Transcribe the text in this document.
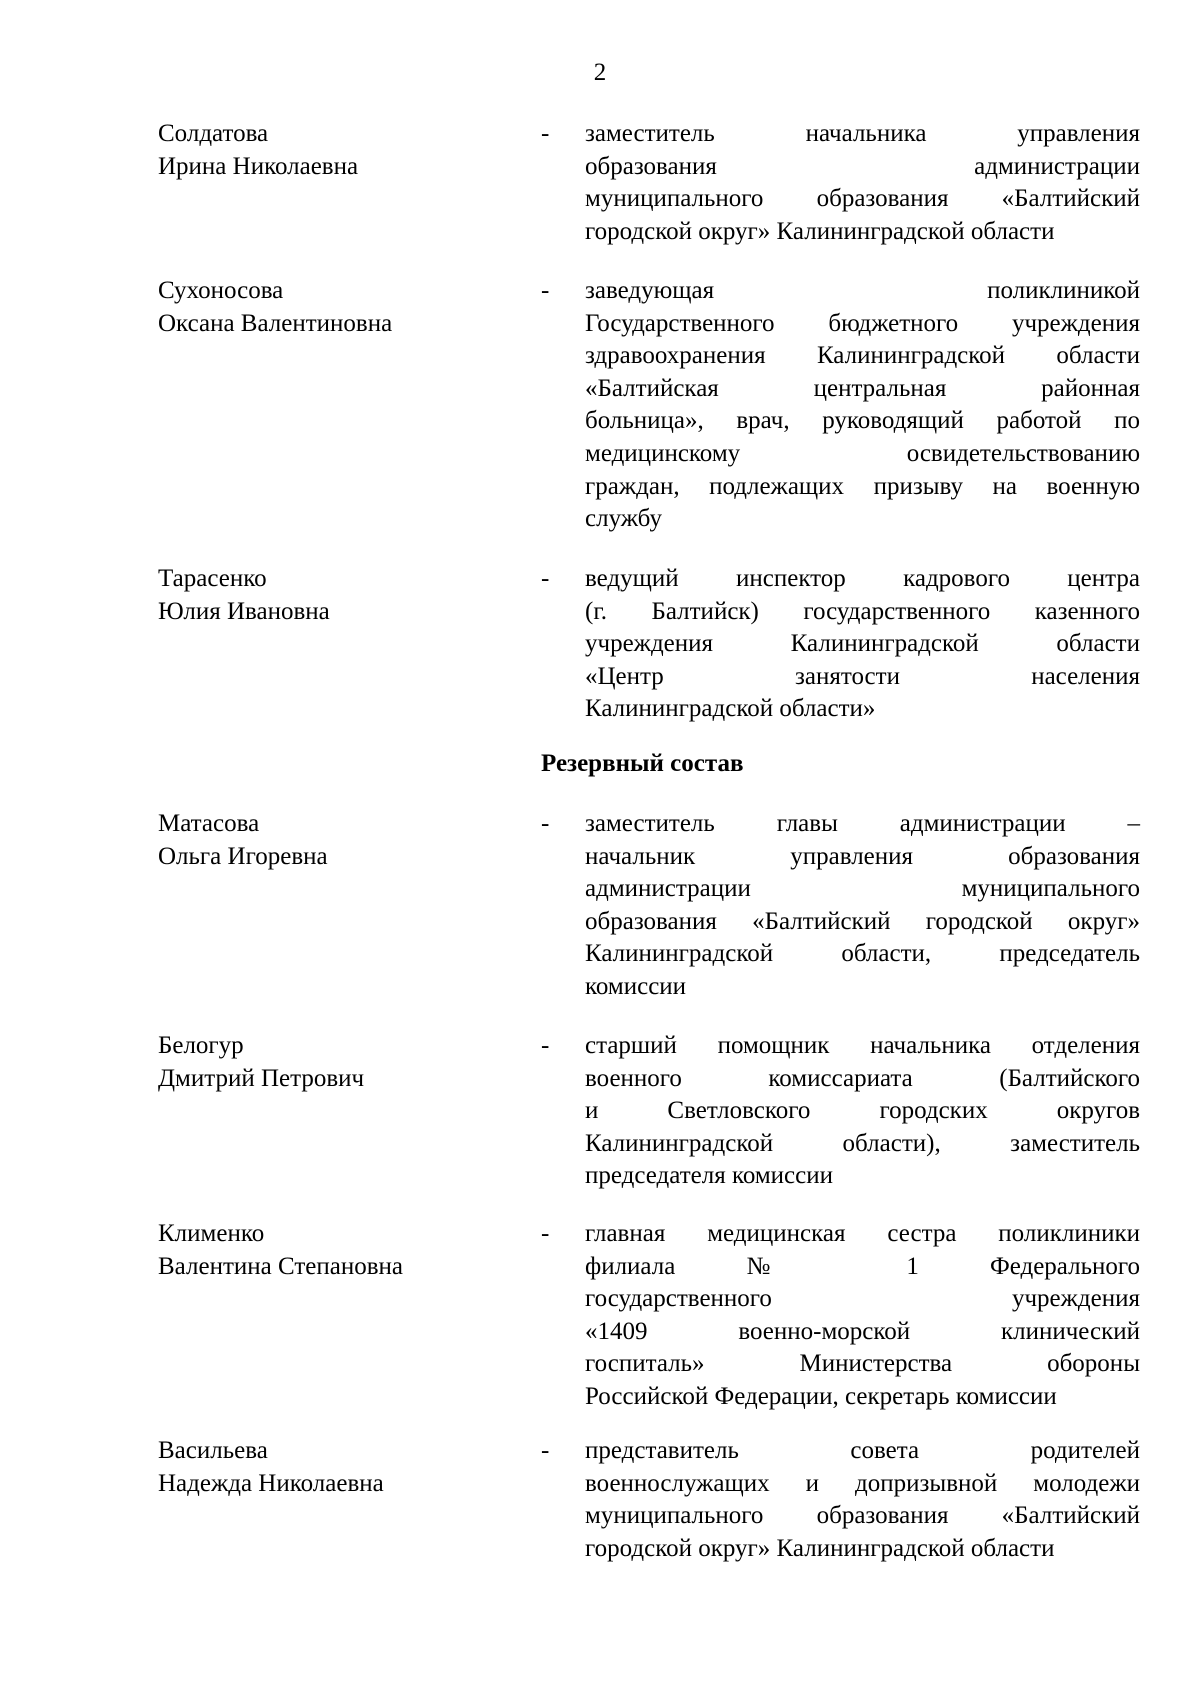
2
Солдатова
Ирина Николаевна
- заместитель начальника управления
образования администрации
муниципального образования «Балтийский
городской округ» Калининградской области
Сухоносова
Оксана Валентиновна
- заведующая поликлиникой
Государственного бюджетного учреждения
здравоохранения Калининградской области
«Балтийская центральная районная
больница», врач, руководящий работой по
медицинскому освидетельствованию
граждан, подлежащих призыву на военную
службу
Тарасенко
Юлия Ивановна
- ведущий инспектор кадрового центра
(г. Балтийск) государственного казенного
учреждения Калининградской области
«Центр занятости населения
Калининградской области»
Резервный состав
Матасова
Ольга Игоревна
- заместитель главы администрации –
начальник управления образования
администрации муниципального
образования «Балтийский городской округ»
Калининградской области, председатель
комиссии
Белогур
Дмитрий Петрович
- старший помощник начальника отделения
военного комиссариата (Балтийского
и Светловского городских округов
Калининградской области), заместитель
председателя комиссии
Клименко
Валентина Степановна
- главная медицинская сестра поликлиники
филиала № 1 Федерального
государственного учреждения
«1409 военно-морской клинический
госпиталь» Министерства обороны
Российской Федерации, секретарь комиссии
Васильева
Надежда Николаевна
- представитель совета родителей
военнослужащих и допризывной молодежи
муниципального образования «Балтийский
городской округ» Калининградской области
